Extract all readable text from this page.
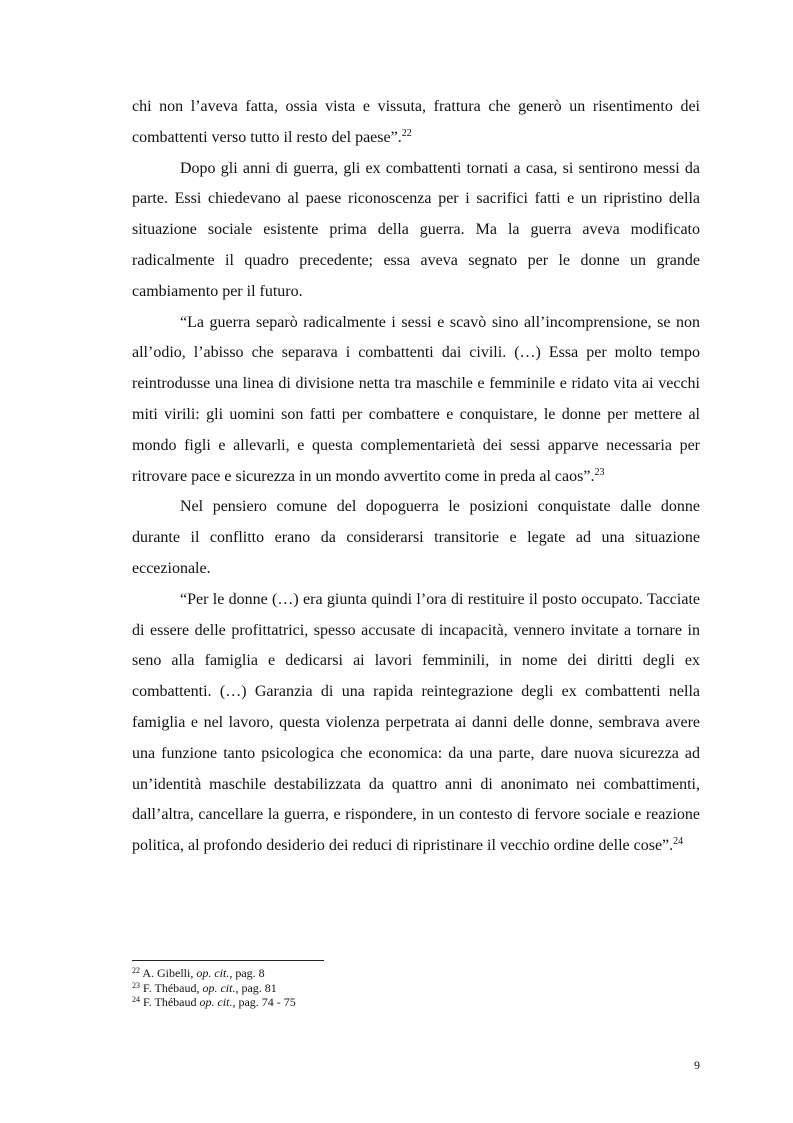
chi non l’aveva fatta, ossia vista e vissuta, frattura che generò un risentimento dei combattenti verso tutto il resto del paese”.$^{22}$

Dopo gli anni di guerra, gli ex combattenti tornati a casa, si sentirono messi da parte. Essi chiedevano al paese riconoscenza per i sacrifici fatti e un ripristino della situazione sociale esistente prima della guerra. Ma la guerra aveva modificato radicalmente il quadro precedente; essa aveva segnato per le donne un grande cambiamento per il futuro.

“La guerra separò radicalmente i sessi e scavò sino all’incomprensione, se non all’odio, l’abisso che separava i combattenti dai civili. (…) Essa per molto tempo reintrodusse una linea di divisione netta tra maschile e femminile e ridato vita ai vecchi miti virili: gli uomini son fatti per combattere e conquistare, le donne per mettere al mondo figli e allevarli, e questa complementarietà dei sessi apparve necessaria per ritrovare pace e sicurezza in un mondo avvertito come in preda al caos”.$^{23}$

Nel pensiero comune del dopoguerra le posizioni conquistate dalle donne durante il conflitto erano da considerarsi transitorie e legate ad una situazione eccezionale.

“Per le donne (…) era giunta quindi l’ora di restituire il posto occupato. Tacciate di essere delle profittatrici, spesso accusate di incapacità, vennero invitate a tornare in seno alla famiglia e dedicarsi ai lavori femminili, in nome dei diritti degli ex combattenti. (…) Garanzia di una rapida reintegrazione degli ex combattenti nella famiglia e nel lavoro, questa violenza perpetrata ai danni delle donne, sembrava avere una funzione tanto psicologica che economica: da una parte, dare nuova sicurezza ad un’identità maschile destabilizzata da quattro anni di anonimato nei combattimenti, dall’altra, cancellare la guerra, e rispondere, in un contesto di fervore sociale e reazione politica, al profondo desiderio dei reduci di ripristinare il vecchio ordine delle cose”.$^{24}$

$^{22}$ A. Gibelli, op. cit., pag. 8

$^{23}$ F. Thébaud, op. cit., pag. 81

$^{24}$ F. Thébaud op. cit., pag. 74 - 75

9
